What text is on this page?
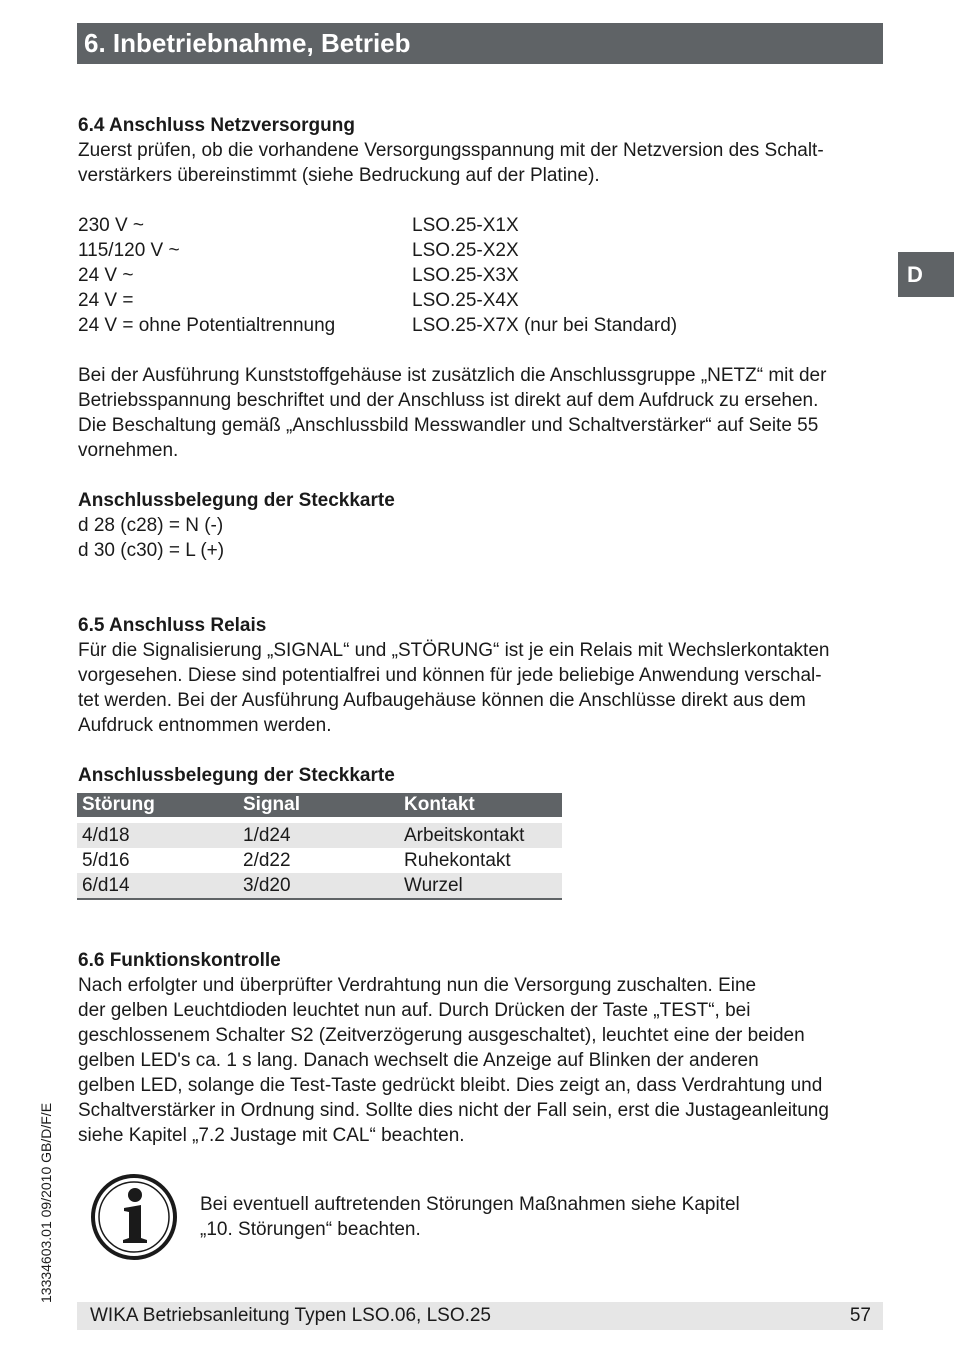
6. Inbetriebnahme, Betrieb
D
6.4 Anschluss Netzversorgung
Zuerst prüfen, ob die vorhandene Versorgungsspannung mit der Netzversion des Schalt-
verstärkers übereinstimmt (siehe Bedruckung auf der Platine).
230 V ~	LSO.25-X1X
115/120 V ~	LSO.25-X2X
24 V ~	LSO.25-X3X
24 V =	LSO.25-X4X
24 V = ohne Potentialtrennung	LSO.25-X7X (nur bei Standard)
Bei der Ausführung Kunststoffgehäuse ist zusätzlich die Anschlussgruppe „NETZ“ mit der
Betriebsspannung beschriftet und der Anschluss ist direkt auf dem Aufdruck zu ersehen.
Die Beschaltung gemäß „Anschlussbild Messwandler und Schaltverstärker“ auf Seite 55
vornehmen.
Anschlussbelegung der Steckkarte
d 28 (c28) = N (-)
d 30 (c30) = L (+)
6.5 Anschluss Relais
Für die Signalisierung „SIGNAL“ und „STÖRUNG“ ist je ein Relais mit Wechslerkontakten
vorgesehen. Diese sind potentialfrei und können für jede beliebige Anwendung verschal-
tet werden. Bei der Ausführung Aufbaugehäuse können die Anschlüsse direkt aus dem
Aufdruck entnommen werden.
Anschlussbelegung der Steckkarte
Störung	Signal	Kontakt

4/d18	1/d24	Arbeitskontakt
5/d16	2/d22	Ruhekontakt
6/d14	3/d20	Wurzel
6.6 Funktionskontrolle
Nach erfolgter und überprüfter Verdrahtung nun die Versorgung zuschalten. Eine
der gelben Leuchtdioden leuchtet nun auf. Durch Drücken der Taste „TEST“, bei
geschlossenem Schalter S2 (Zeitverzögerung ausgeschaltet), leuchtet eine der beiden
gelben LED's ca. 1 s lang. Danach wechselt die Anzeige auf Blinken der anderen
gelben LED, solange die Test-Taste gedrückt bleibt. Dies zeigt an, dass Verdrahtung und
Schaltverstärker in Ordnung sind. Sollte dies nicht der Fall sein, erst die Justageanleitung
siehe Kapitel „7.2 Justage mit CAL“ beachten.
Bei eventuell auftretenden Störungen Maßnahmen siehe Kapitel
„10. Störungen“ beachten.
13334603.01 09/2010 GB/D/F/E
WIKA Betriebsanleitung Typen LSO.06, LSO.25	57
